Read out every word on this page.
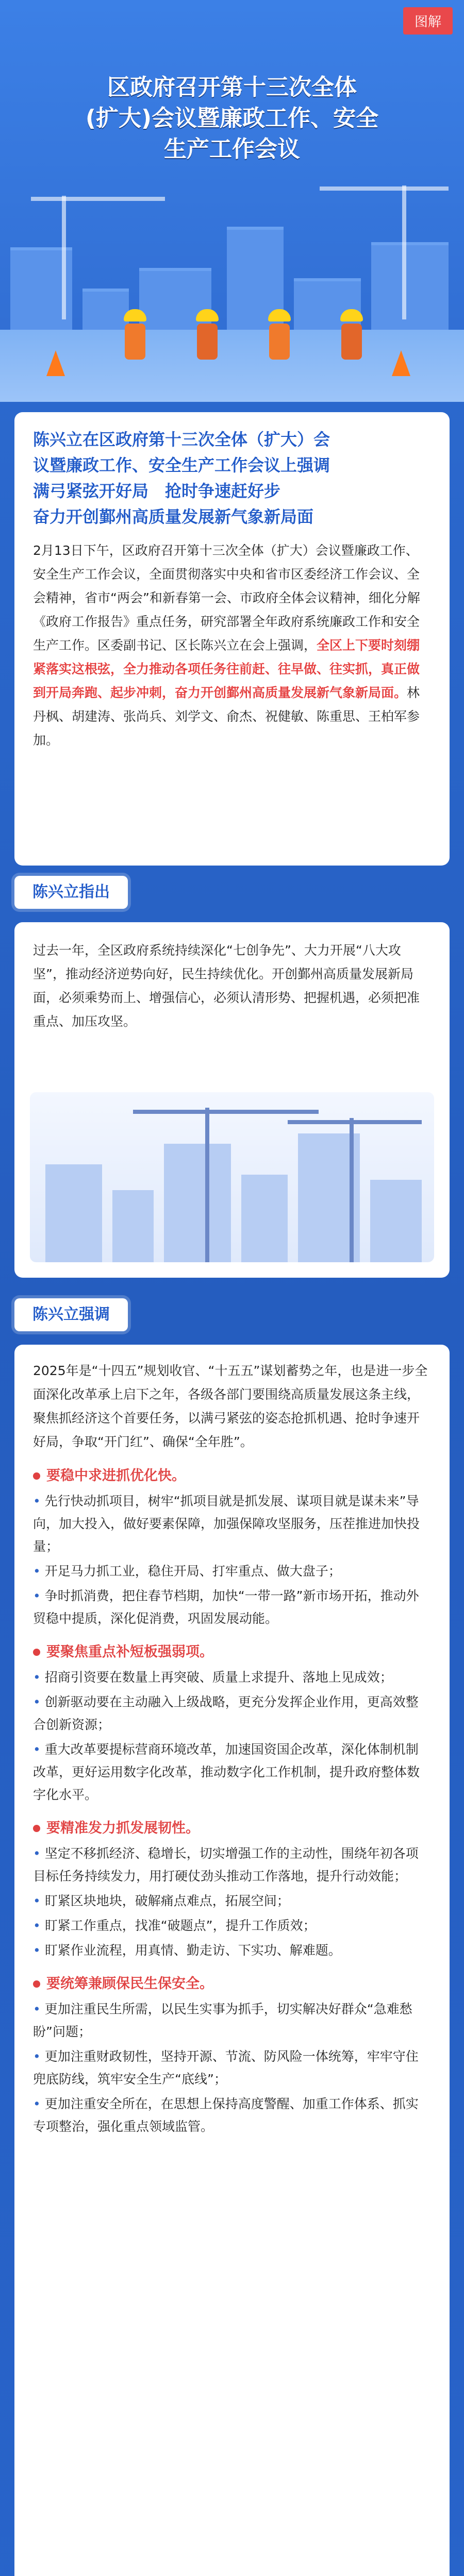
图解
区政府召开第十三次全体
(扩大)会议暨廉政工作、安全
生产工作会议
陈兴立在区政府第十三次全体（扩大）会
议暨廉政工作、安全生产工作会议上强调
满弓紧弦开好局　抢时争速赶好步
奋力开创鄞州高质量发展新气象新局面
2月13日下午，区政府召开第十三次全体（扩大）会议暨廉政工作、安全生产工作会议，全面贯彻落实中央和省市区委经济工作会议、全会精神，省市“两会”和新春第一会、市政府全体会议精神，细化分解《政府工作报告》重点任务，研究部署全年政府系统廉政工作和安全生产工作。区委副书记、区长陈兴立在会上强调，全区上下要时刻绷紧落实这根弦，全力推动各项任务往前赶、往早做、往实抓，真正做到开局奔跑、起步冲刺，奋力开创鄞州高质量发展新气象新局面。林丹枫、胡建涛、张尚兵、刘学文、俞杰、祝健敏、陈重思、王柏军参加。
陈兴立指出
过去一年，全区政府系统持续深化“七创争先”、大力开展“八大攻坚”，推动经济逆势向好，民生持续优化。开创鄞州高质量发展新局面，必须乘势而上、增强信心，必须认清形势、把握机遇，必须把准重点、加压攻坚。
陈兴立强调
2025年是“十四五”规划收官、“十五五”谋划蓄势之年，也是进一步全面深化改革承上启下之年，各级各部门要围绕高质量发展这条主线，聚焦抓经济这个首要任务，以满弓紧弦的姿态抢抓机遇、抢时争速开好局，争取“开门红”、确保“全年胜”。
要稳中求进抓优化快。
• 先行快动抓项目，树牢“抓项目就是抓发展、谋项目就是谋未来”导向，加大投入，做好要素保障，加强保障攻坚服务，压茬推进加快投量；
• 开足马力抓工业，稳住开局、打牢重点、做大盘子；
• 争时抓消费，把住春节档期，加快“一带一路”新市场开拓，推动外贸稳中提质，深化促消费，巩固发展动能。
要聚焦重点补短板强弱项。
• 招商引资要在数量上再突破、质量上求提升、落地上见成效；
• 创新驱动要在主动融入上级战略，更充分发挥企业作用，更高效整合创新资源；
• 重大改革要提标营商环境改革，加速国资国企改革，深化体制机制改革，更好运用数字化改革，推动数字化工作机制，提升政府整体数字化水平。
要精准发力抓发展韧性。
• 坚定不移抓经济、稳增长，切实增强工作的主动性，围绕年初各项目标任务持续发力，用打硬仗劲头推动工作落地，提升行动效能；
• 盯紧区块地块，破解痛点难点，拓展空间；
• 盯紧工作重点，找准“破题点”，提升工作质效；
• 盯紧作业流程，用真情、勤走访、下实功、解难题。
要统筹兼顾保民生保安全。
• 更加注重民生所需，以民生实事为抓手，切实解决好群众“急难愁盼”问题；
• 更加注重财政韧性，坚持开源、节流、防风险一体统筹，牢牢守住兜底防线，筑牢安全生产“底线”；
• 更加注重安全所在，在思想上保持高度警醒、加重工作体系、抓实专项整治，强化重点领域监管。
